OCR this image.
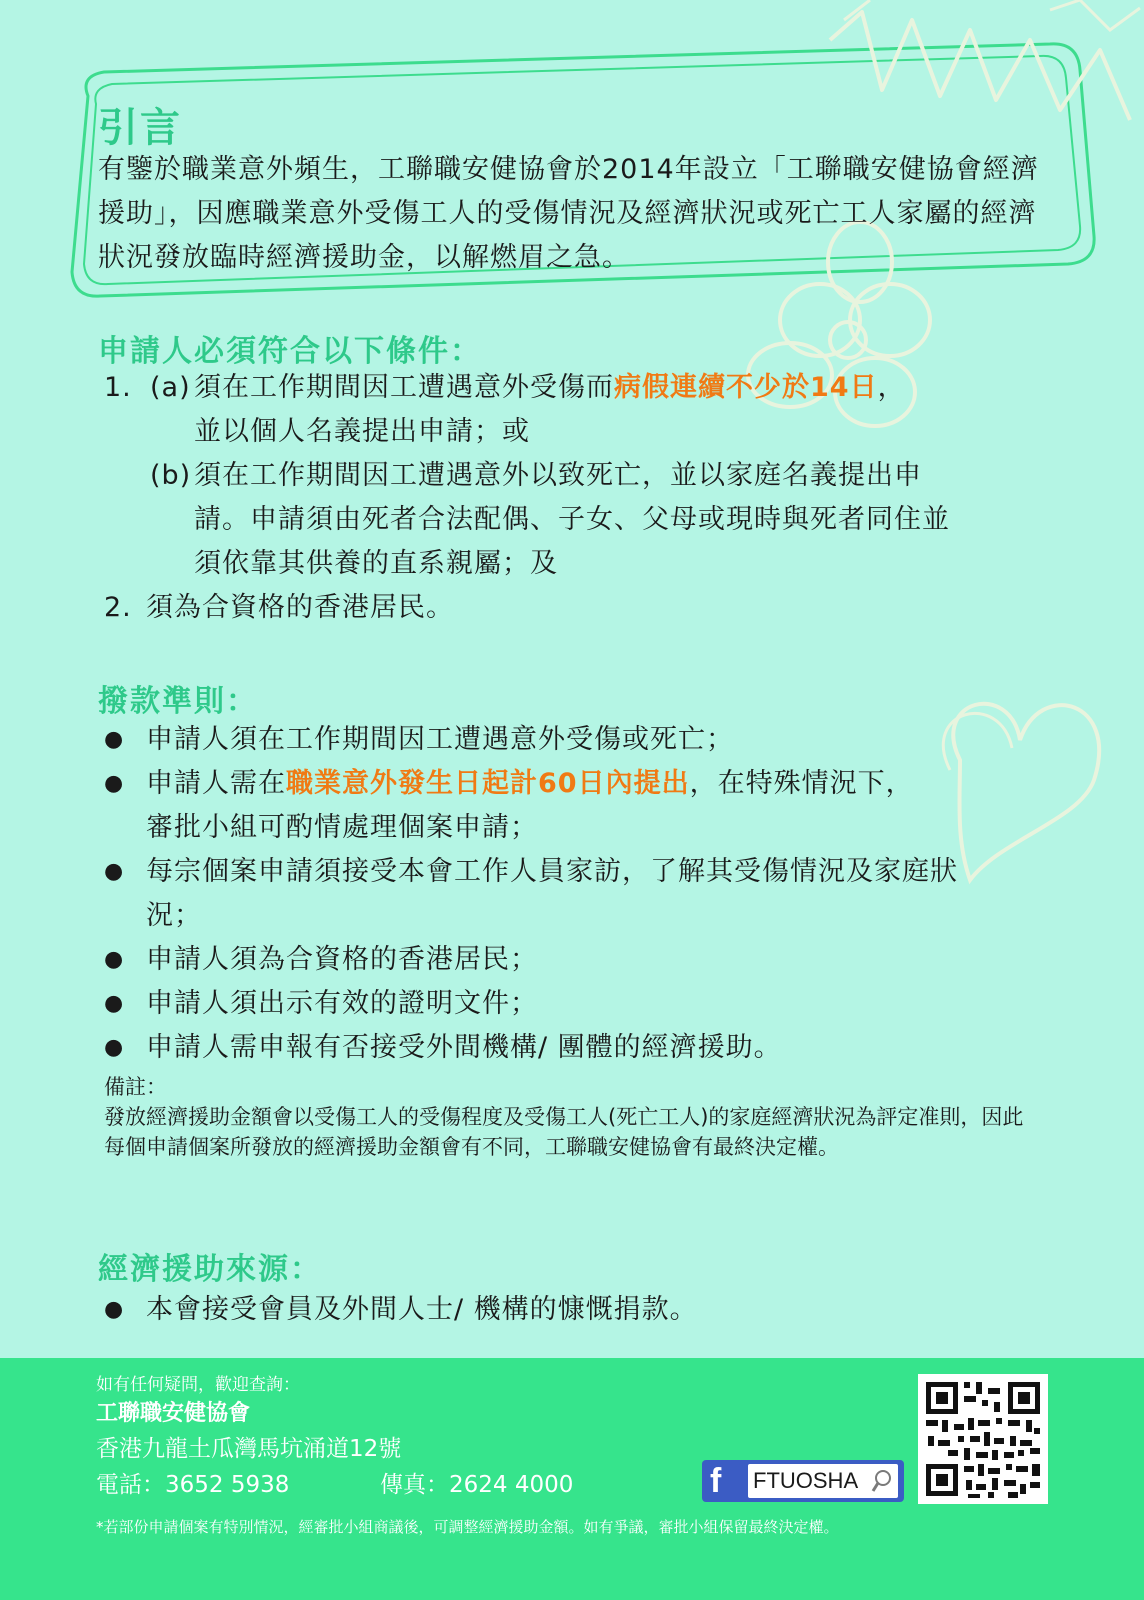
引言
有鑒於職業意外頻生，工聯職安健協會於2014年設立「工聯職安健協會經濟援助」，因應職業意外受傷工人的受傷情況及經濟狀況或死亡工人家屬的經濟狀況發放臨時經濟援助金，以解燃眉之急。
申請人必須符合以下條件：
1. (a) 須在工作期間因工遭遇意外受傷而病假連續不少於14日，
並以個人名義提出申請；或
(b) 須在工作期間因工遭遇意外以致死亡，並以家庭名義提出申
請。申請須由死者合法配偶、子女、父母或現時與死者同住並
須依靠其供養的直系親屬；及
2. 須為合資格的香港居民。
撥款準則：
● 申請人須在工作期間因工遭遇意外受傷或死亡；
● 申請人需在職業意外發生日起計60日內提出，在特殊情況下，
審批小組可酌情處理個案申請；
● 每宗個案申請須接受本會工作人員家訪，了解其受傷情況及家庭狀
況；
● 申請人須為合資格的香港居民；
● 申請人須出示有效的證明文件；
● 申請人需申報有否接受外間機構/ 團體的經濟援助。
備註：
發放經濟援助金額會以受傷工人的受傷程度及受傷工人(死亡工人)的家庭經濟狀況為評定准則，因此每個申請個案所發放的經濟援助金額會有不同，工聯職安健協會有最終決定權。
經濟援助來源：
● 本會接受會員及外間人士/ 機構的慷慨捐款。
如有任何疑問，歡迎查詢：
工聯職安健協會
香港九龍土瓜灣馬坑涌道12號
電話：3652 5938	傳真：2624 4000	f	FTUOSHA
*若部份申請個案有特別情況，經審批小組商議後，可調整經濟援助金額。如有爭議，審批小組保留最終決定權。
